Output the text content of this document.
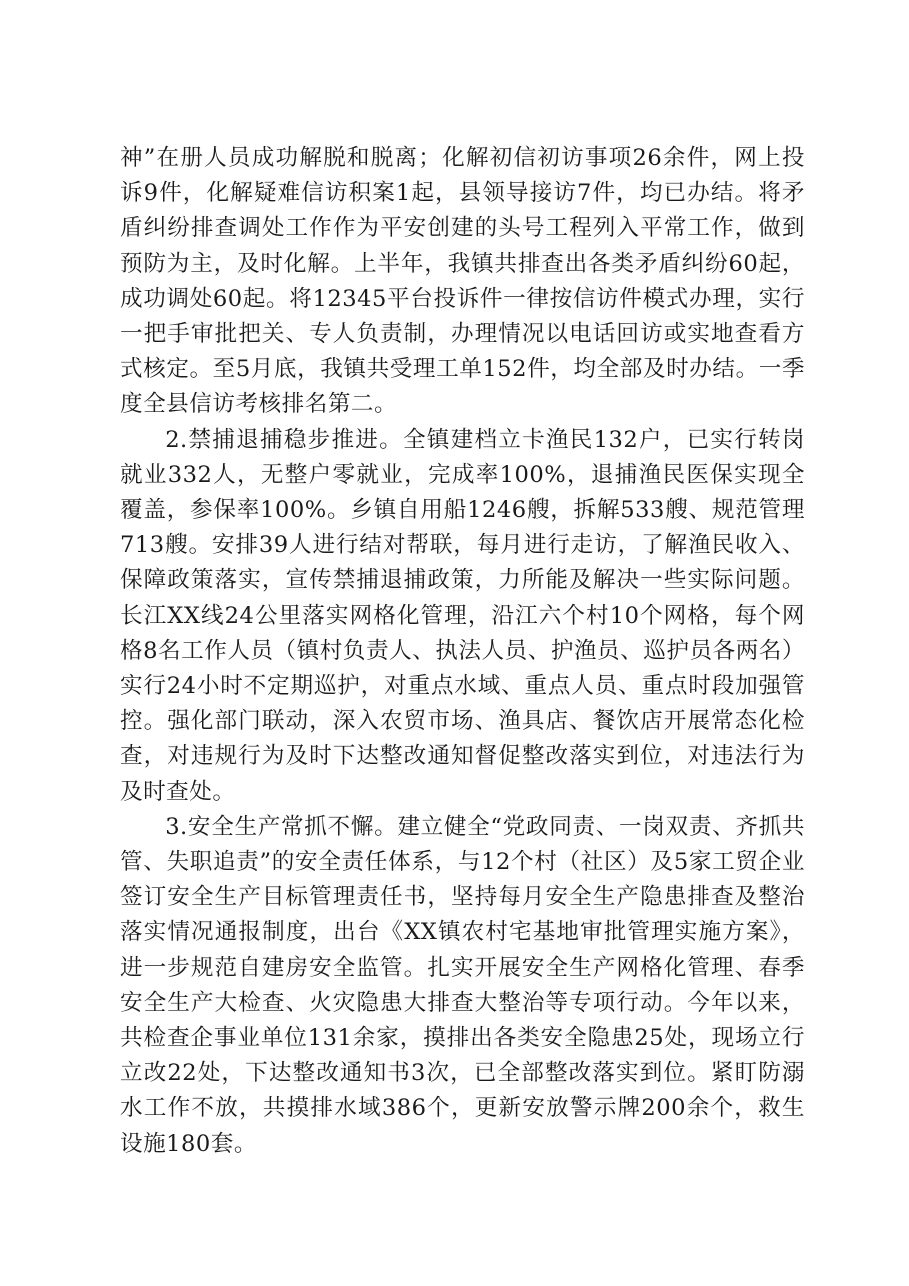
神”在册人员成功解脱和脱离；化解初信初访事项26余件，网上投诉9件，化解疑难信访积案1起，县领导接访7件，均已办结。将矛盾纠纷排查调处工作作为平安创建的头号工程列入平常工作，做到预防为主，及时化解。上半年，我镇共排查出各类矛盾纠纷60起，成功调处60起。将12345平台投诉件一律按信访件模式办理，实行一把手审批把关、专人负责制，办理情况以电话回访或实地查看方式核定。至5月底，我镇共受理工单152件，均全部及时办结。一季度全县信访考核排名第二。

2.禁捕退捕稳步推进。全镇建档立卡渔民132户，已实行转岗就业332人，无整户零就业，完成率100%，退捕渔民医保实现全覆盖，参保率100%。乡镇自用船1246艘，拆解533艘、规范管理713艘。安排39人进行结对帮联，每月进行走访，了解渔民收入、保障政策落实，宣传禁捕退捕政策，力所能及解决一些实际问题。长江XX线24公里落实网格化管理，沿江六个村10个网格，每个网格8名工作人员（镇村负责人、执法人员、护渔员、巡护员各两名）实行24小时不定期巡护，对重点水域、重点人员、重点时段加强管控。强化部门联动，深入农贸市场、渔具店、餐饮店开展常态化检查，对违规行为及时下达整改通知督促整改落实到位，对违法行为及时查处。

3.安全生产常抓不懈。建立健全“党政同责、一岗双责、齐抓共管、失职追责”的安全责任体系，与12个村（社区）及5家工贸企业签订安全生产目标管理责任书，坚持每月安全生产隐患排查及整治落实情况通报制度，出台《XX镇农村宅基地审批管理实施方案》，进一步规范自建房安全监管。扎实开展安全生产网格化管理、春季安全生产大检查、火灾隐患大排查大整治等专项行动。今年以来，共检查企事业单位131余家，摸排出各类安全隐患25处，现场立行立改22处，下达整改通知书3次，已全部整改落实到位。紧盯防溺水工作不放，共摸排水域386个，更新安放警示牌200余个，救生设施180套。
